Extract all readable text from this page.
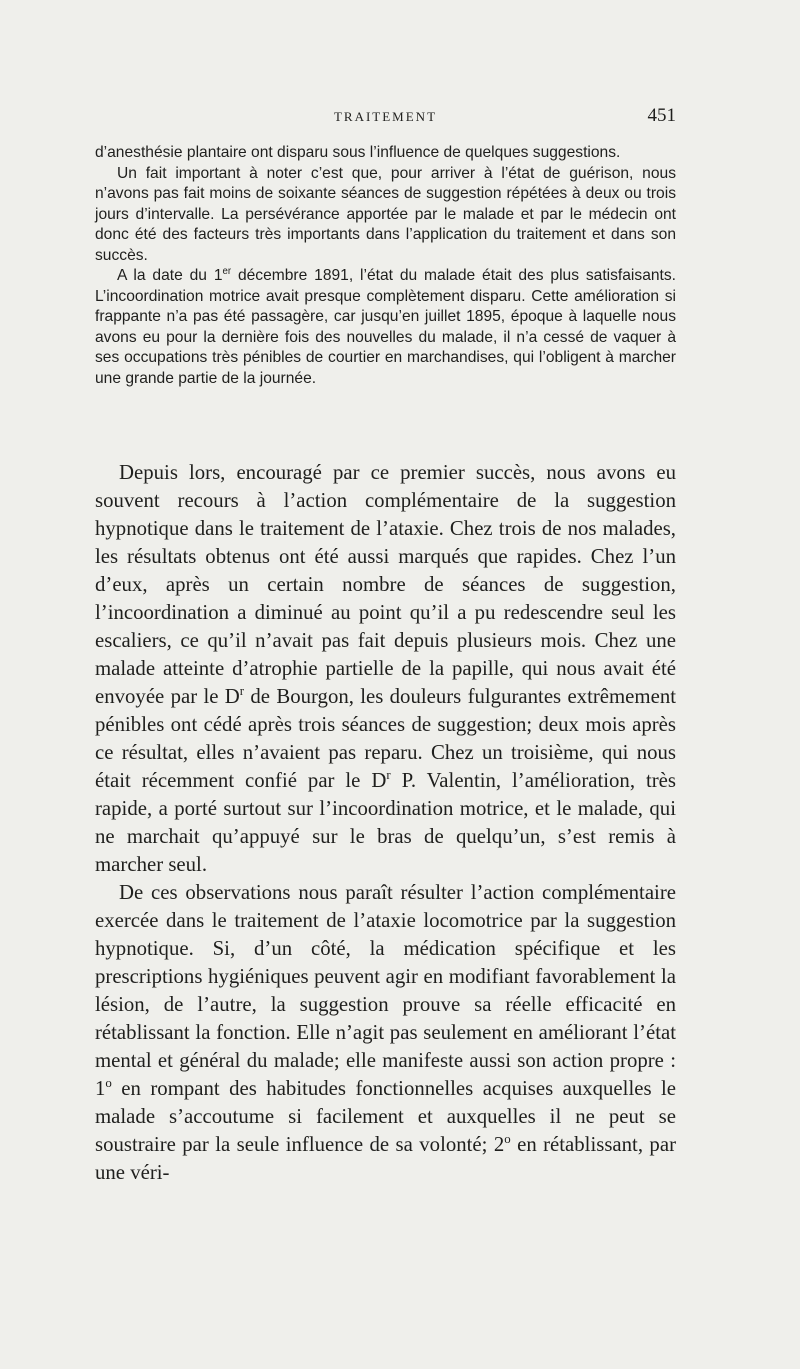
TRAITEMENT	451

d’anesthésie plantaire ont disparu sous l’influence de quelques suggestions.

Un fait important à noter c’est que, pour arriver à l’état de guérison, nous n’avons pas fait moins de soixante séances de suggestion répétées à deux ou trois jours d’intervalle. La persévérance apportée par le malade et par le médecin ont donc été des facteurs très importants dans l’application du traitement et dans son succès.

A la date du 1er décembre 1891, l’état du malade était des plus satisfaisants. L’incoordination motrice avait presque complètement disparu. Cette amélioration si frappante n’a pas été passagère, car jusqu’en juillet 1895, époque à laquelle nous avons eu pour la dernière fois des nouvelles du malade, il n’a cessé de vaquer à ses occupations très pénibles de courtier en marchandises, qui l’obligent à marcher une grande partie de la journée.

Depuis lors, encouragé par ce premier succès, nous avons eu souvent recours à l’action complémentaire de la suggestion hypnotique dans le traitement de l’ataxie. Chez trois de nos malades, les résultats obtenus ont été aussi marqués que rapides. Chez l’un d’eux, après un certain nombre de séances de suggestion, l’incoordination a diminué au point qu’il a pu redescendre seul les escaliers, ce qu’il n’avait pas fait depuis plusieurs mois. Chez une malade atteinte d’atrophie partielle de la papille, qui nous avait été envoyée par le $D^r$ de Bourgon, les douleurs fulgurantes extrêmement pénibles ont cédé après trois séances de suggestion; deux mois après ce résultat, elles n’avaient pas reparu. Chez un troisième, qui nous était récemment confié par le $D^r$ P. Valentin, l’amélioration, très rapide, a porté surtout sur l’incoordination motrice, et le malade, qui ne marchait qu’appuyé sur le bras de quelqu’un, s’est remis à marcher seul.

De ces observations nous paraît résulter l’action complémentaire exercée dans le traitement de l’ataxie locomotrice par la suggestion hypnotique. Si, d’un côté, la médication spécifique et les prescriptions hygiéniques peuvent agir en modifiant favorablement la lésion, de l’autre, la suggestion prouve sa réelle efficacité en rétablissant la fonction. Elle n’agit pas seulement en améliorant l’état mental et général du malade; elle manifeste aussi son action propre : 1$^o$ en rompant des habitudes fonctionnelles acquises auxquelles le malade s’accoutume si facilement et auxquelles il ne peut se soustraire par la seule influence de sa volonté; 2$^o$ en rétablissant, par une véri-
